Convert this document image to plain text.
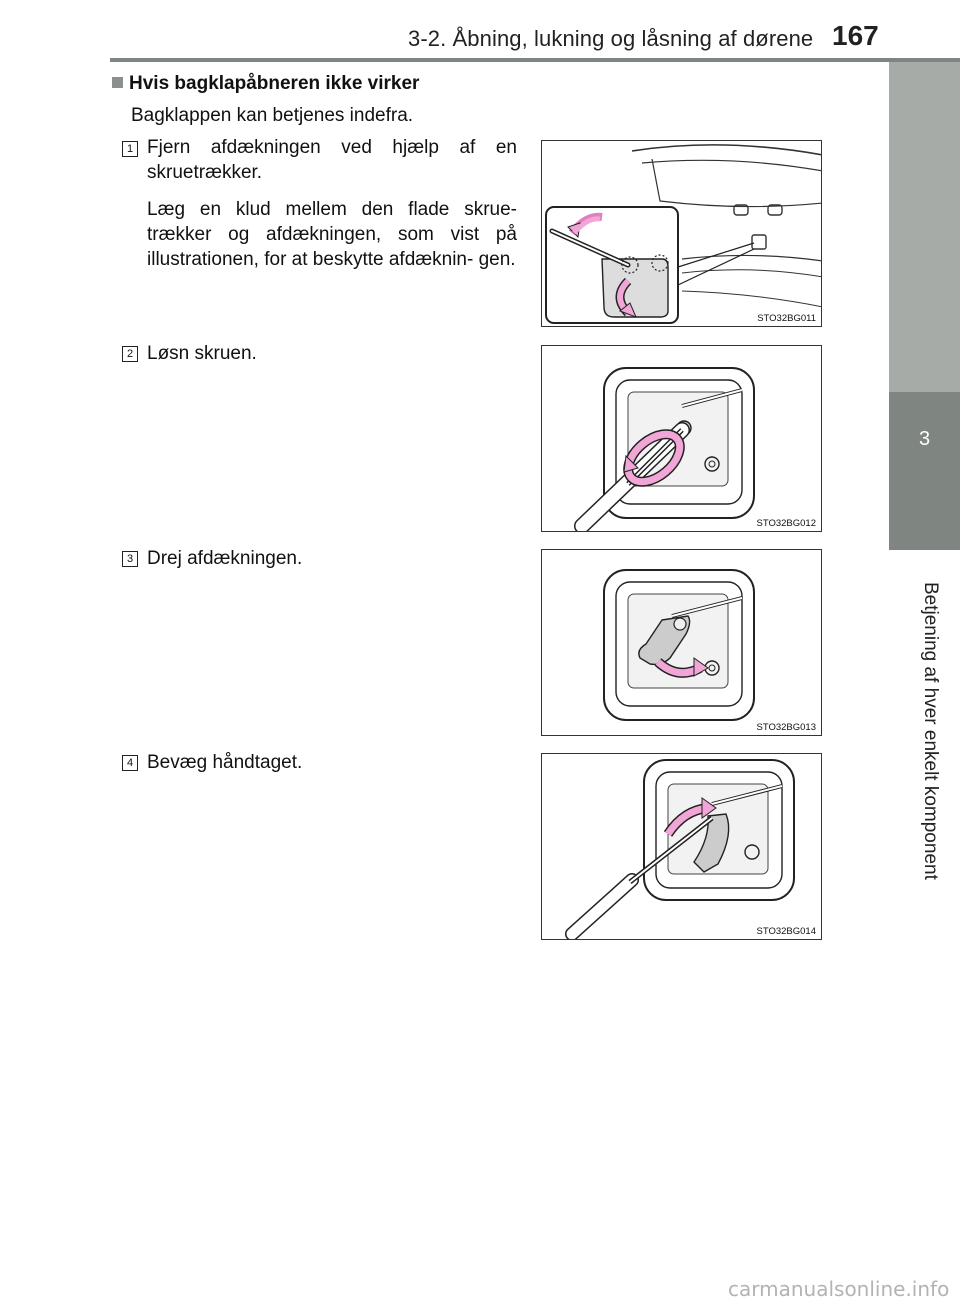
3-2. Åbning, lukning og låsning af dørene 167
3
Betjening af hver enkelt komponent
Hvis bagklapåbneren ikke virker
Bagklappen kan betjenes indefra.
1 Fjern afdækningen ved hjælp af en skruetrækker.

Læg en klud mellem den flade skrue- trækker og afdækningen, som vist på illustrationen, for at beskytte afdæknin- gen.

STO32BG011
2 Løsn skruen.

STO32BG012
3 Drej afdækningen.

STO32BG013
4 Bevæg håndtaget.

STO32BG014
carmanualsonline.info
